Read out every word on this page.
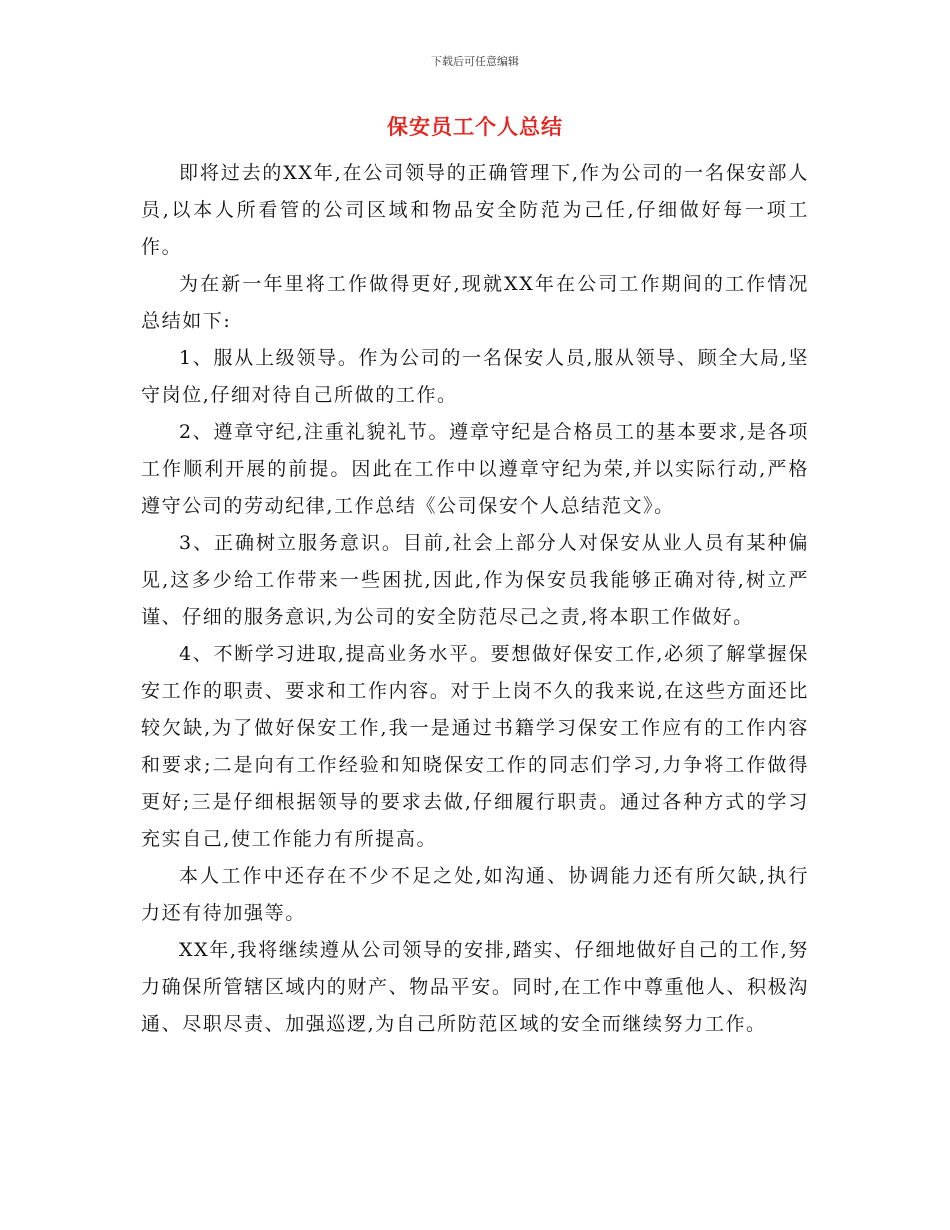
下载后可任意编辑
保安员工个人总结

即将过去的XX年,在公司领导的正确管理下,作为公司的一名保安部人员,以本人所看管的公司区域和物品安全防范为己任,仔细做好每一项工作。

为在新一年里将工作做得更好,现就XX年在公司工作期间的工作情况总结如下:

1、服从上级领导。作为公司的一名保安人员,服从领导、顾全大局,坚守岗位,仔细对待自己所做的工作。

2、遵章守纪,注重礼貌礼节。遵章守纪是合格员工的基本要求,是各项工作顺利开展的前提。因此在工作中以遵章守纪为荣,并以实际行动,严格遵守公司的劳动纪律,工作总结《公司保安个人总结范文》。

3、正确树立服务意识。目前,社会上部分人对保安从业人员有某种偏见,这多少给工作带来一些困扰,因此,作为保安员我能够正确对待,树立严谨、仔细的服务意识,为公司的安全防范尽己之责,将本职工作做好。

4、不断学习进取,提高业务水平。要想做好保安工作,必须了解掌握保安工作的职责、要求和工作内容。对于上岗不久的我来说,在这些方面还比较欠缺,为了做好保安工作,我一是通过书籍学习保安工作应有的工作内容和要求;二是向有工作经验和知晓保安工作的同志们学习,力争将工作做得更好;三是仔细根据领导的要求去做,仔细履行职责。通过各种方式的学习充实自己,使工作能力有所提高。

本人工作中还存在不少不足之处,如沟通、协调能力还有所欠缺,执行力还有待加强等。

XX年,我将继续遵从公司领导的安排,踏实、仔细地做好自己的工作,努力确保所管辖区域内的财产、物品平安。同时,在工作中尊重他人、积极沟通、尽职尽责、加强巡逻,为自己所防范区域的安全而继续努力工作。
